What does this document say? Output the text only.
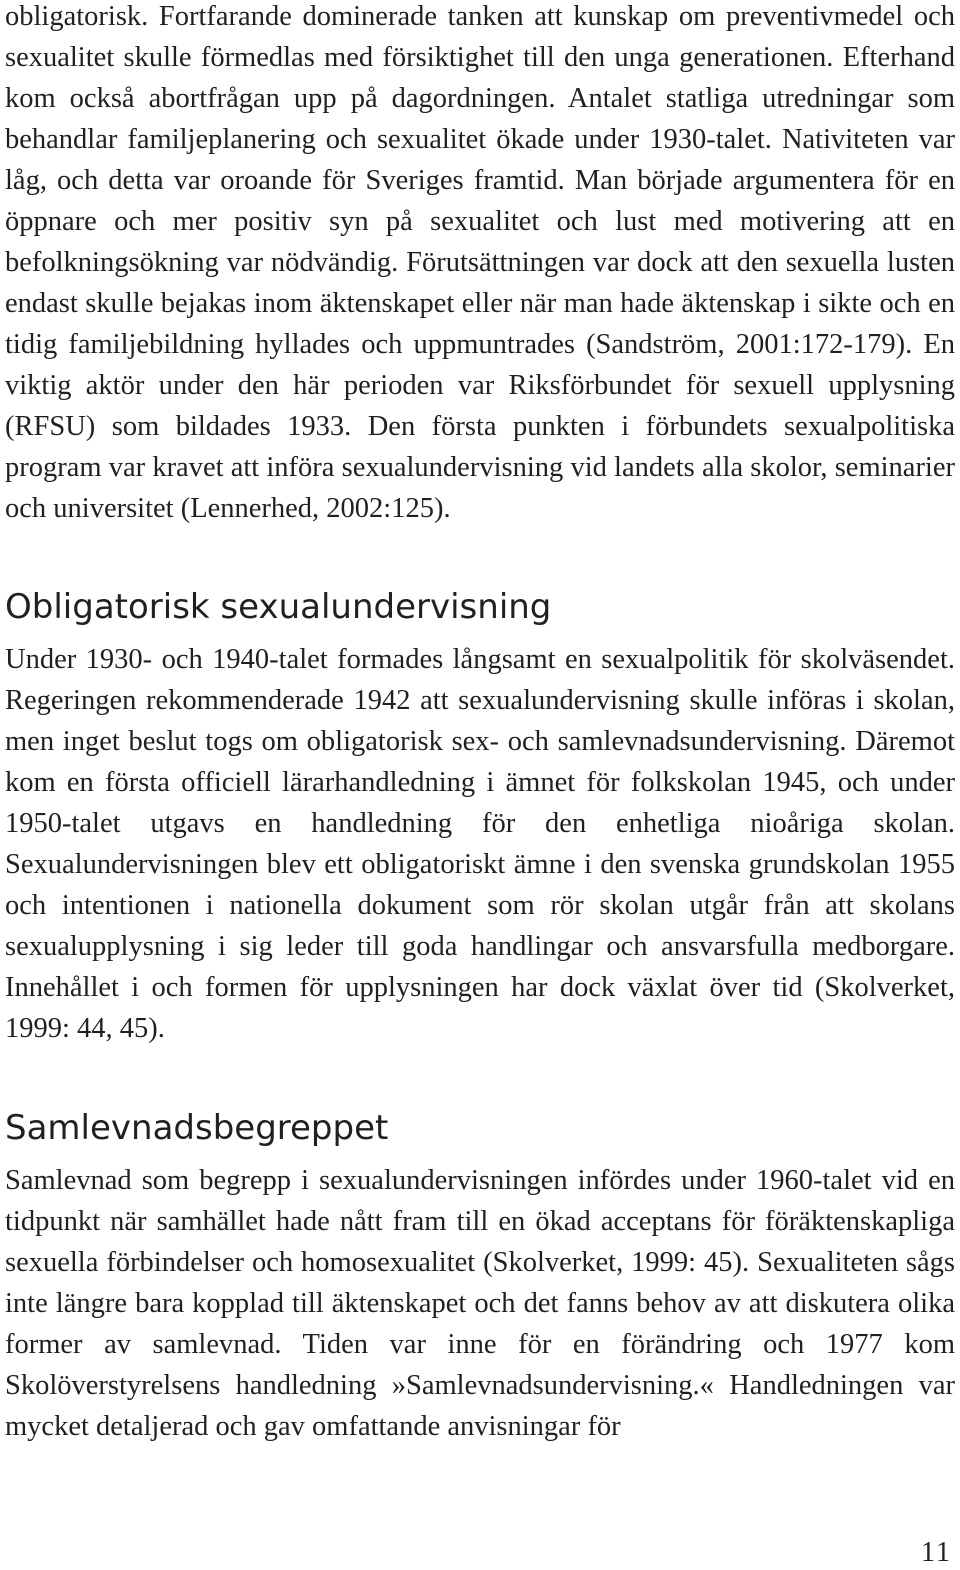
obligatorisk. Fortfarande dominerade tanken att kunskap om preventivmedel och sexualitet skulle förmedlas med försiktighet till den unga generationen. Efterhand kom också abortfrågan upp på dagordningen. Antalet statliga utredningar som behandlar familjeplanering och sexualitet ökade under 1930-talet. Nativiteten var låg, och detta var oroande för Sveriges framtid. Man började argumentera för en öppnare och mer positiv syn på sexualitet och lust med motivering att en befolkningsökning var nödvändig. Förutsättningen var dock att den sexuella lusten endast skulle bejakas inom äktenskapet eller när man hade äktenskap i sikte och en tidig familjebildning hyllades och uppmuntrades (Sandström, 2001:172-179). En viktig aktör under den här perioden var Riksförbundet för sexuell upplysning (RFSU) som bildades 1933. Den första punkten i förbundets sexualpolitiska program var kravet att införa sexualundervisning vid landets alla skolor, seminarier och universitet (Lennerhed, 2002:125).

Obligatorisk sexualundervisning

Under 1930- och 1940-talet formades långsamt en sexualpolitik för skolväsendet. Regeringen rekommenderade 1942 att sexualundervisning skulle införas i skolan, men inget beslut togs om obligatorisk sex- och samlevnadsundervisning. Däremot kom en första officiell lärarhandledning i ämnet för folkskolan 1945, och under 1950-talet utgavs en handledning för den enhetliga nioåriga skolan. Sexualundervisningen blev ett obligatoriskt ämne i den svenska grundskolan 1955 och intentionen i nationella dokument som rör skolan utgår från att skolans sexualupplysning i sig leder till goda handlingar och ansvarsfulla medborgare. Innehållet i och formen för upplysningen har dock växlat över tid (Skolverket, 1999: 44, 45).

Samlevnadsbegreppet

Samlevnad som begrepp i sexualundervisningen infördes under 1960-talet vid en tidpunkt när samhället hade nått fram till en ökad acceptans för föräktenskapliga sexuella förbindelser och homosexualitet (Skolverket, 1999: 45). Sexualiteten sågs inte längre bara kopplad till äktenskapet och det fanns behov av att diskutera olika former av samlevnad. Tiden var inne för en förändring och 1977 kom Skolöverstyrelsens handledning »Samlevnadsundervisning.« Handledningen var mycket detaljerad och gav omfattande anvisningar för

11
